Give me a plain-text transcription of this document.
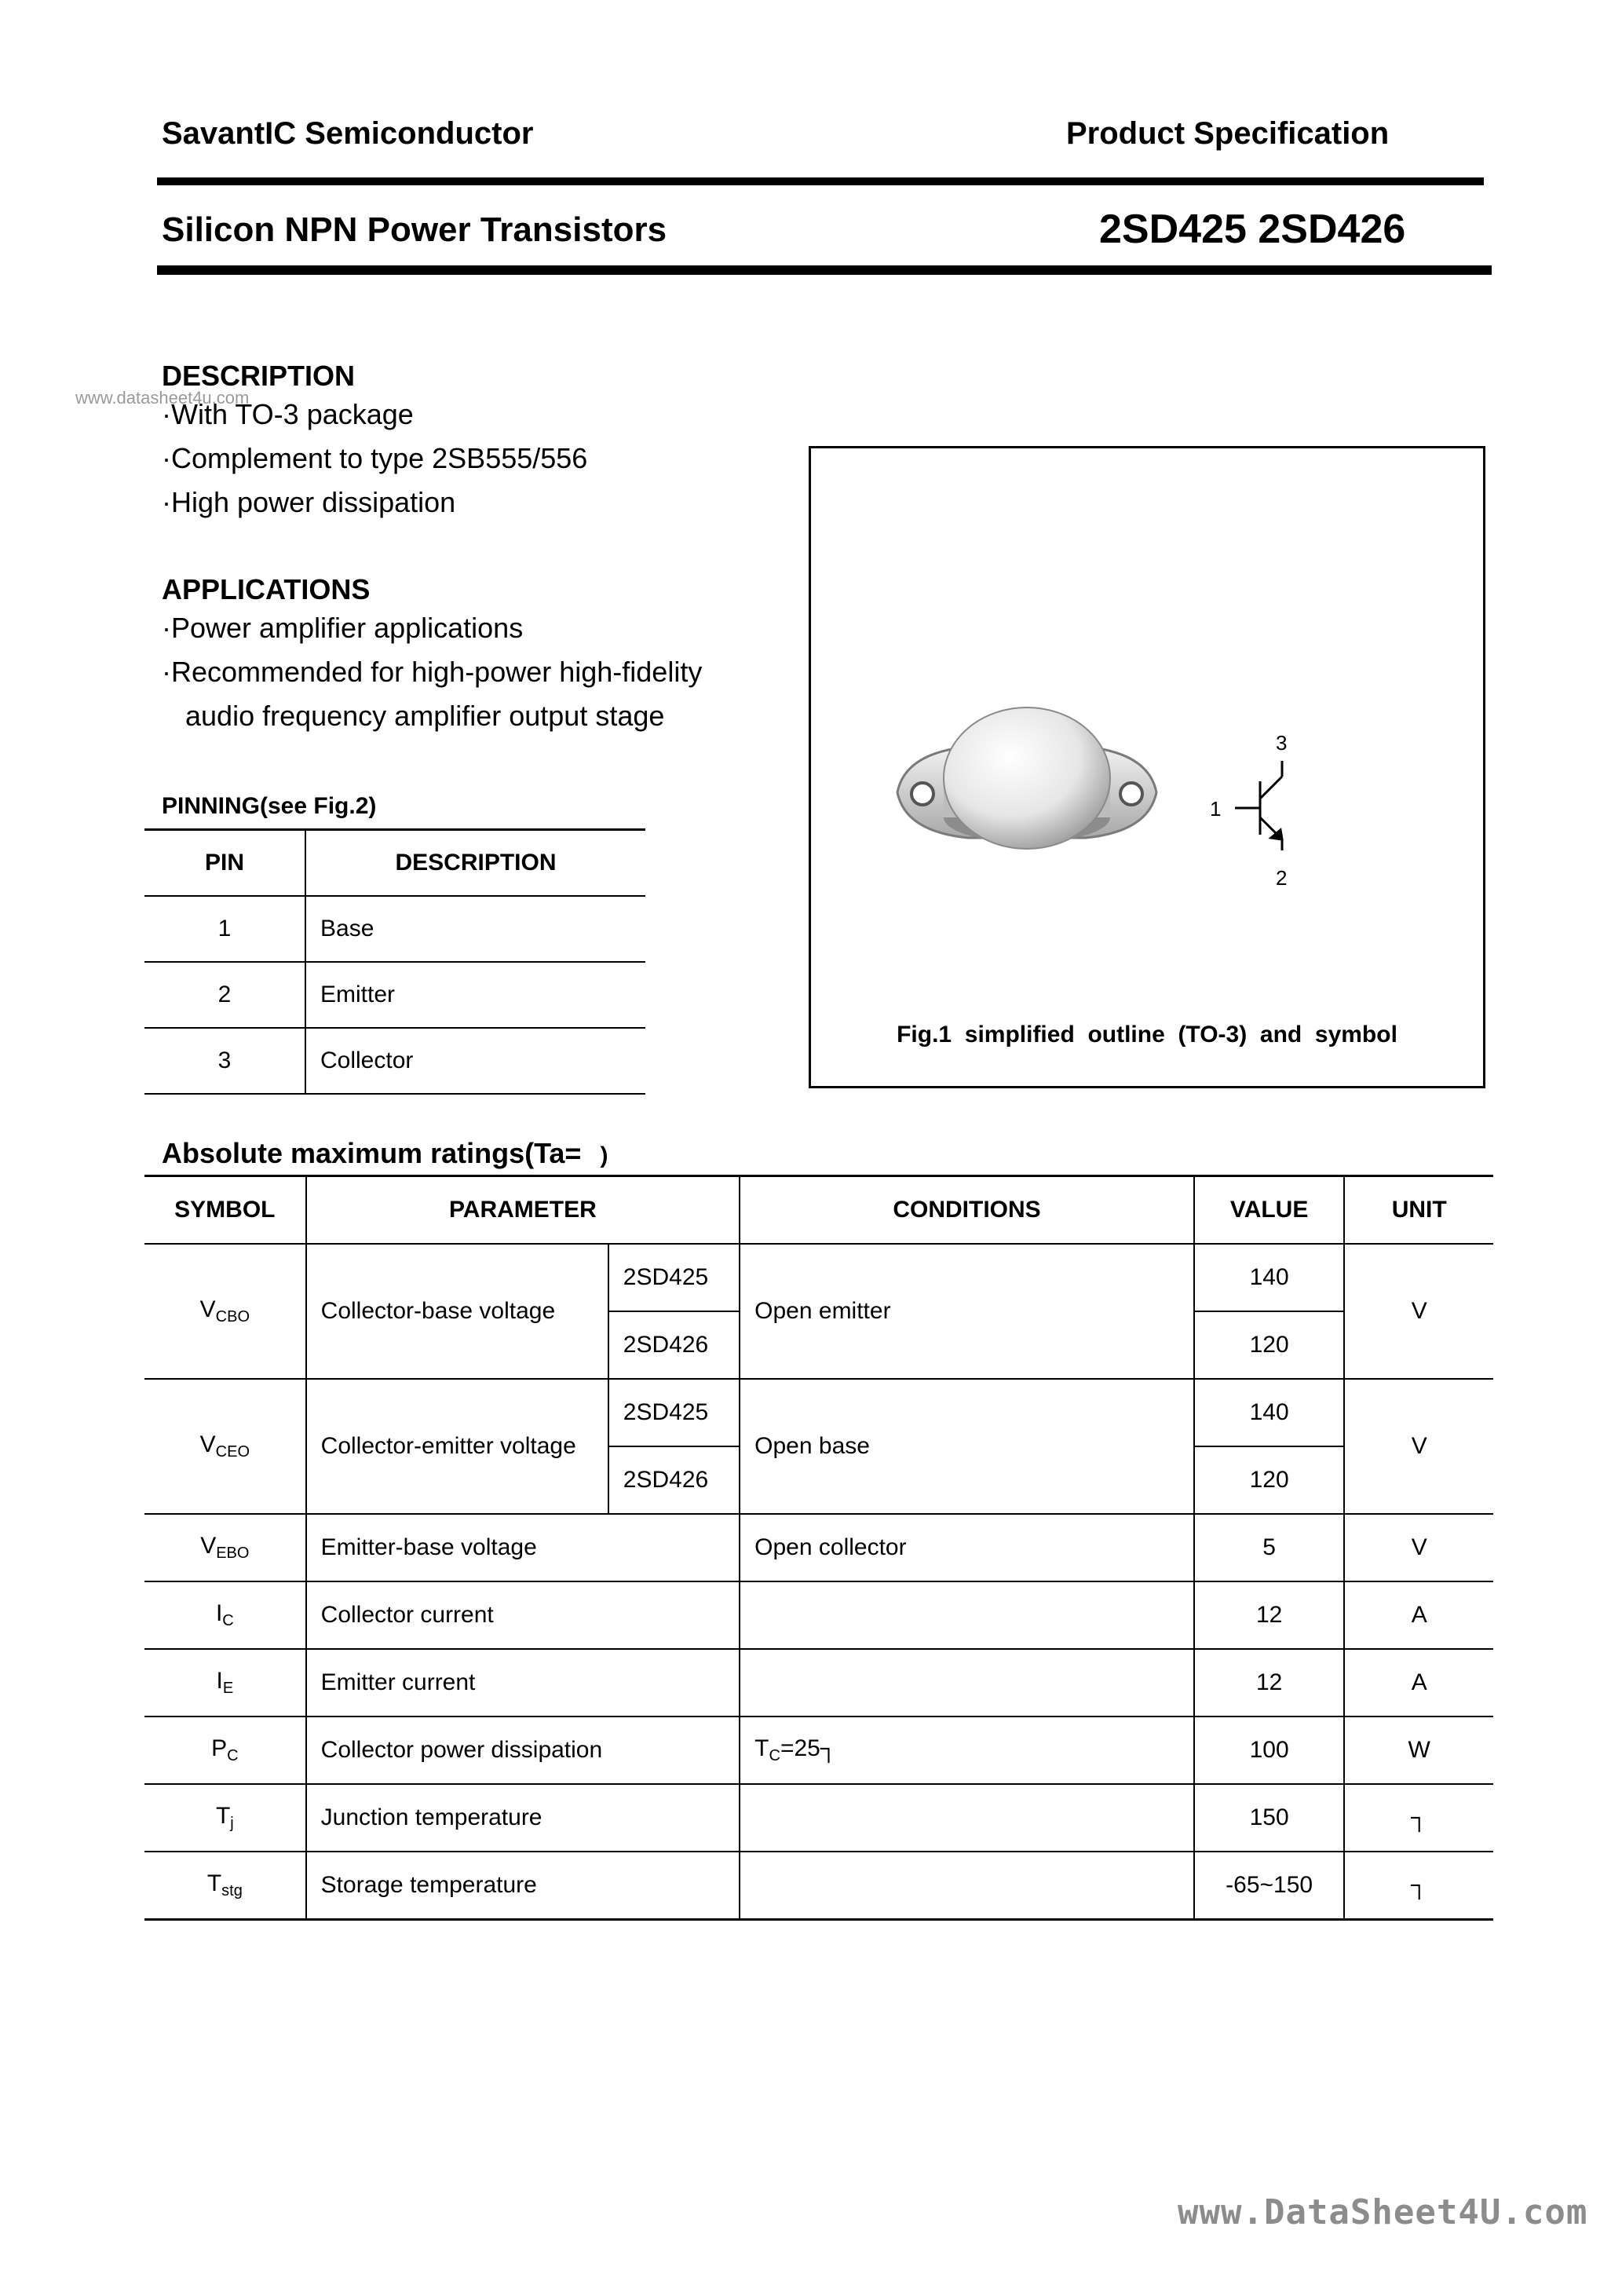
SavantIC Semiconductor	Product Specification
Silicon NPN Power Transistors	2SD425 2SD426
www.datasheet4u.com
DESCRIPTION
·With TO-3 package
·Complement to type 2SB555/556
·High power dissipation
APPLICATIONS
·Power amplifier applications
·Recommended for high-power high-fidelity
audio frequency amplifier output stage
PINNING(see Fig.2)
PIN	DESCRIPTION
1	Base
2	Emitter
3	Collector
1
2
3
Fig.1  simplified  outline  (TO-3)  and  symbol
Absolute maximum ratings(Ta= )
SYMBOL	PARAMETER		CONDITIONS	VALUE	UNIT
$V_{CBO}$	Collector-base voltage	2SD425	Open emitter	140	V
		2SD426		120	
$V_{CEO}$	Collector-emitter voltage	2SD425	Open base	140	V
		2SD426		120	
$V_{EBO}$	Emitter-base voltage		Open collector	5	V
$I_C$	Collector current			12	A
$I_E$	Emitter current			12	A
$P_C$	Collector power dissipation		$T_C=25┐$	100	W
$T_j$	Junction temperature			150	┐
$T_{stg}$	Storage temperature			-65~150	┐
www.DataSheet4U.com
